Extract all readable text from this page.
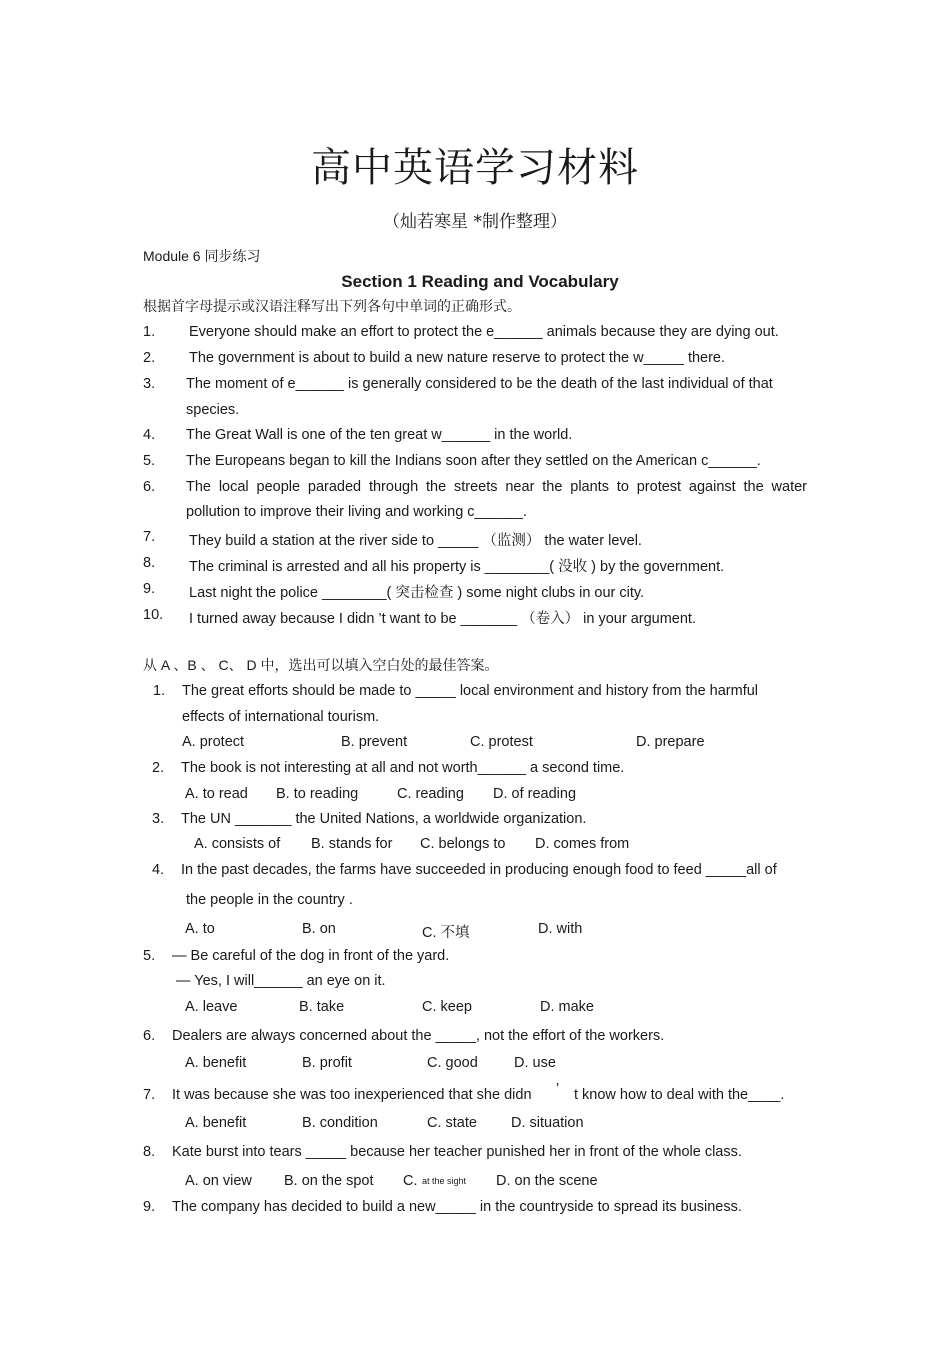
高中英语学习材料
（灿若寒星 *制作整理）
Module 6 同步练习
Section 1 Reading and Vocabulary
根据首字母提示或汉语注释写出下列各句中单词的正确形式。
1. Everyone should make an effort to protect the e______ animals because they are dying out.
2. The government is about to build a new nature reserve to protect the w_____ there.
3. The moment of e______ is generally considered to be the death of the last individual of that
species.
4. The Great Wall is one of the ten great w______ in the world.
5. The Europeans began to kill the Indians soon after they settled on the American c______.
6. The local people paraded through the streets near the plants to protest against the water
pollution to improve their living and working c______.
7. They build a station at the river side to _____ （监测） the water level.
8. The criminal is arrested and all his property is ________( 没收 ) by the government.
9. Last night the police ________( 突击检查 ) some night clubs in our city.
10. I turned away because I didn ’t want to be _______ （卷入） in your argument.
从 A 、B 、 C、 D 中，选出可以填入空白处的最佳答案。
1. The great efforts should be made to _____ local environment and history from the harmful
effects of international tourism.
A. protect	B. prevent	C. protest	D. prepare
2. The book is not interesting at all and not worth______ a second time.
A. to read B. to reading	C. reading D. of reading
3. The UN _______ the United Nations, a worldwide organization.
A. consists of B. stands for C. belongs to D. comes from
4. In the past decades, the farms have succeeded in producing enough food to feed _____all of
the people in the country .
A. to	B. on	C. 不填	D. with
5. — Be careful of the dog in front of the yard.
— Yes, I will______ an eye on it.
A. leave	B. take	C. keep	D. make
6. Dealers are always concerned about the _____, not the effort of the workers.
A. benefit	B. profit	C. good D. use
7. It was because she was too inexperienced that she didn ’ t know how to deal with the____.
A. benefit	B. condition	C. state D. situation
8. Kate burst into tears _____ because her teacher punished her in front of the whole class.
A. on view B. on the spot C. at the sight D. on the scene
9. The company has decided to build a new_____ in the countryside to spread its business.
